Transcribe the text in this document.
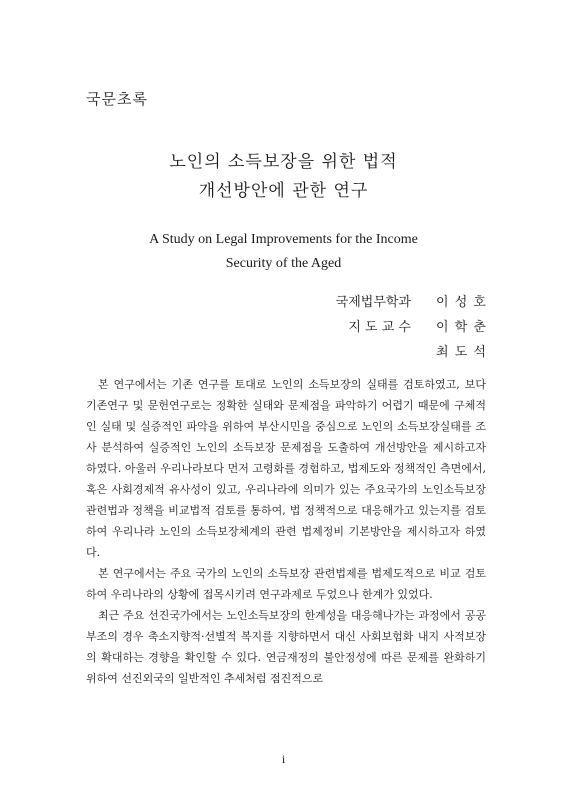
국문초록
노인의 소득보장을 위한 법적
개선방안에 관한 연구
A Study on Legal Improvements for the Income
Security of the Aged
국제법무학과	이 성 호
지 도 교 수	이 학 춘
최 도 석

본 연구에서는 기존 연구를 토대로 노인의 소득보장의 실태를 검토하였고, 보다 기존연구 및 문헌연구로는 정확한 실태와 문제점을 파악하기 어렵기 때문에 구체적인 실태 및 실증적인 파악을 위하여 부산시민을 중심으로 노인의 소득보장실태를 조사 분석하여 실증적인 노인의 소득보장 문제점을 도출하여 개선방안을 제시하고자 하였다. 아울러 우리나라보다 먼저 고령화를 경험하고, 법제도와 정책적인 측면에서, 혹은 사회경제적 유사성이 있고, 우리나라에 의미가 있는 주요국가의 노인소득보장 관련법과 정책을 비교법적 검토를 통하여, 법 정책적으로 대응해가고 있는지를 검토하여 우리나라 노인의 소득보장체계의 관련 법제정비 기본방안을 제시하고자 하였다.

본 연구에서는 주요 국가의 노인의 소득보장 관련법제를 법제도적으로 비교 검토하여 우리나라의 상황에 접목시키려 연구과제로 두었으나 한계가 있었다.

최근 주요 선진국가에서는 노인소득보장의 한계성을 대응해나가는 과정에서 공공부조의 경우 축소지향적·선별적 복지를 지향하면서 대신 사회보험화 내지 사적보장의 확대하는 경향을 확인할 수 있다. 연금재정의 불안정성에 따른 문제를 완화하기 위하여 선진외국의 일반적인 추세처럼 점진적으로

i
